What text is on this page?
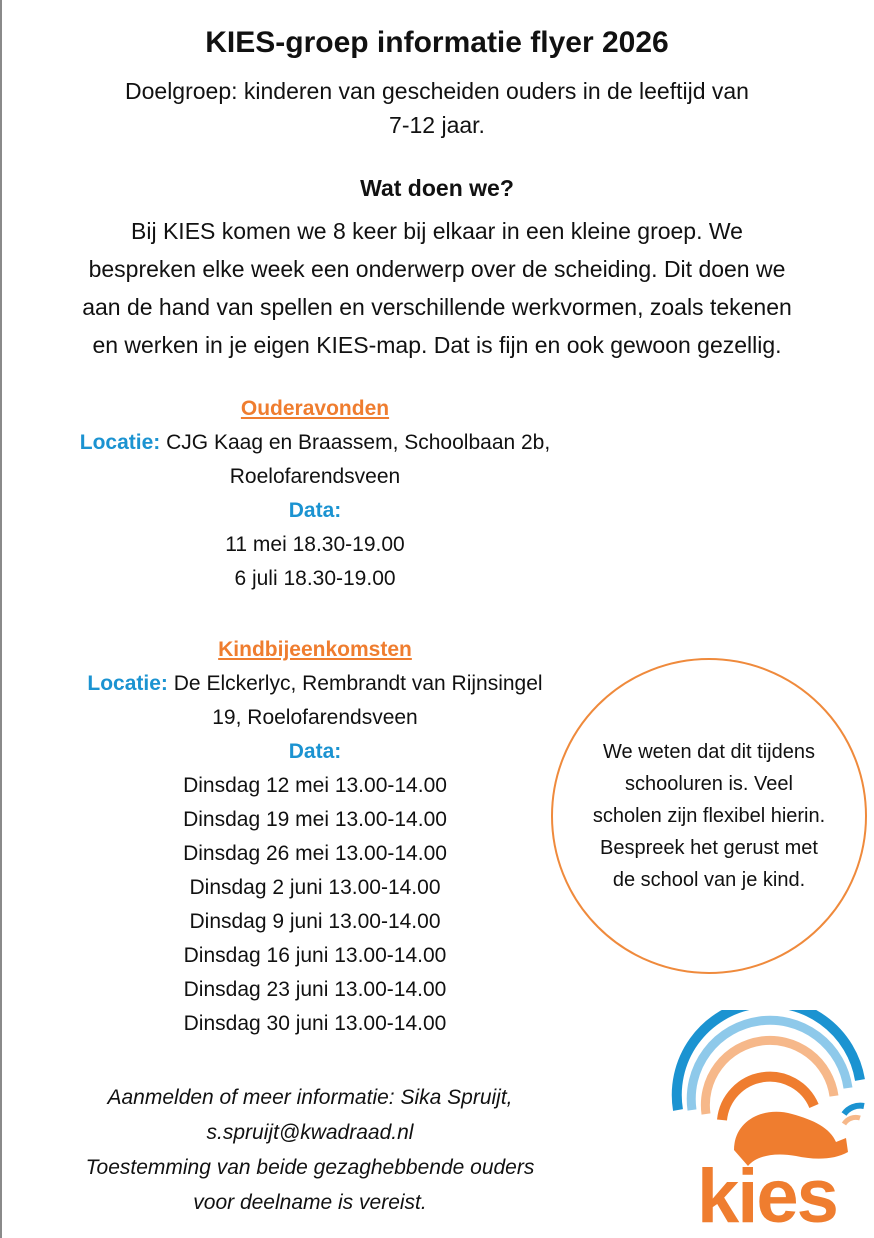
KIES-groep informatie flyer 2026
Doelgroep: kinderen van gescheiden ouders in de leeftijd van
7-12 jaar.
Wat doen we?
Bij KIES komen we 8 keer bij elkaar in een kleine groep. We
bespreken elke week een onderwerp over de scheiding. Dit doen we
aan de hand van spellen en verschillende werkvormen, zoals tekenen
en werken in je eigen KIES-map. Dat is fijn en ook gewoon gezellig.
Ouderavonden
Locatie: CJG Kaag en Braassem, Schoolbaan 2b,
Roelofarendsveen
Data:
11 mei 18.30-19.00
6 juli 18.30-19.00
Kindbijeenkomsten
Locatie: De Elckerlyc, Rembrandt van Rijnsingel
19, Roelofarendsveen
Data:
Dinsdag 12 mei 13.00-14.00
Dinsdag 19 mei 13.00-14.00
Dinsdag 26 mei 13.00-14.00
Dinsdag 2 juni 13.00-14.00
Dinsdag 9 juni 13.00-14.00
Dinsdag 16 juni 13.00-14.00
Dinsdag 23 juni 13.00-14.00
Dinsdag 30 juni 13.00-14.00
We weten dat dit tijdens
schooluren is. Veel
scholen zijn flexibel hierin.
Bespreek het gerust met
de school van je kind.
Aanmelden of meer informatie: Sika Spruijt,
s.spruijt@kwadraad.nl
Toestemming van beide gezaghebbende ouders
voor deelname is vereist.	kies
